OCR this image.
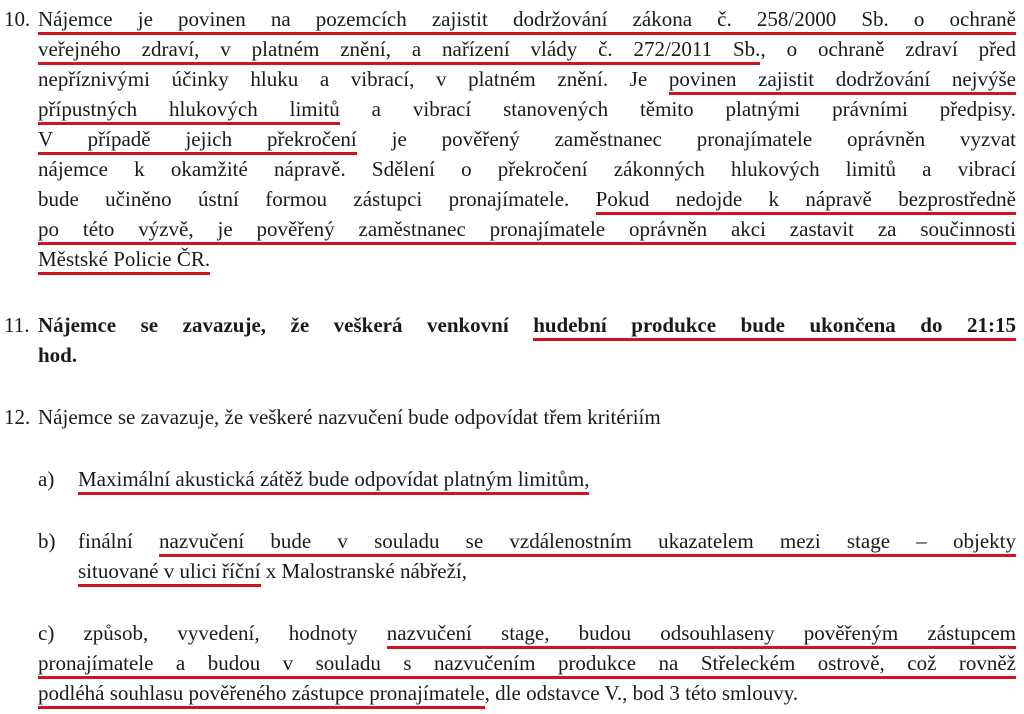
10. Nájemce je povinen na pozemcích zajistit dodržování zákona č. 258/2000 Sb. o ochraně
veřejného zdraví, v platném znění, a nařízení vlády č. 272/2011 Sb., o ochraně zdraví před
nepříznivými účinky hluku a vibrací, v platném znění. Je povinen zajistit dodržování nejvýše
přípustných hlukových limitů a vibrací stanovených těmito platnými právními předpisy.
V případě jejich překročení je pověřený zaměstnanec pronajímatele oprávněn vyzvat
nájemce k okamžité nápravě. Sdělení o překročení zákonných hlukových limitů a vibrací
bude učiněno ústní formou zástupci pronajímatele. Pokud nedojde k nápravě bezprostředně
po této výzvě, je pověřený zaměstnanec pronajímatele oprávněn akci zastavit za součinnosti
Městské Policie ČR.
11. Nájemce se zavazuje, že veškerá venkovní hudební produkce bude ukončena do 21:15
hod.
12. Nájemce se zavazuje, že veškeré nazvučení bude odpovídat třem kritériím
a) Maximální akustická zátěž bude odpovídat platným limitům,
b) finální nazvučení bude v souladu se vzdálenostním ukazatelem mezi stage – objekty
situované v ulici říční x Malostranské nábřeží,
c) způsob, vyvedení, hodnoty nazvučení stage, budou odsouhlaseny pověřeným zástupcem
pronajímatele a budou v souladu s nazvučením produkce na Střeleckém ostrově, což rovněž
podléhá souhlasu pověřeného zástupce pronajímatele, dle odstavce V., bod 3 této smlouvy.
